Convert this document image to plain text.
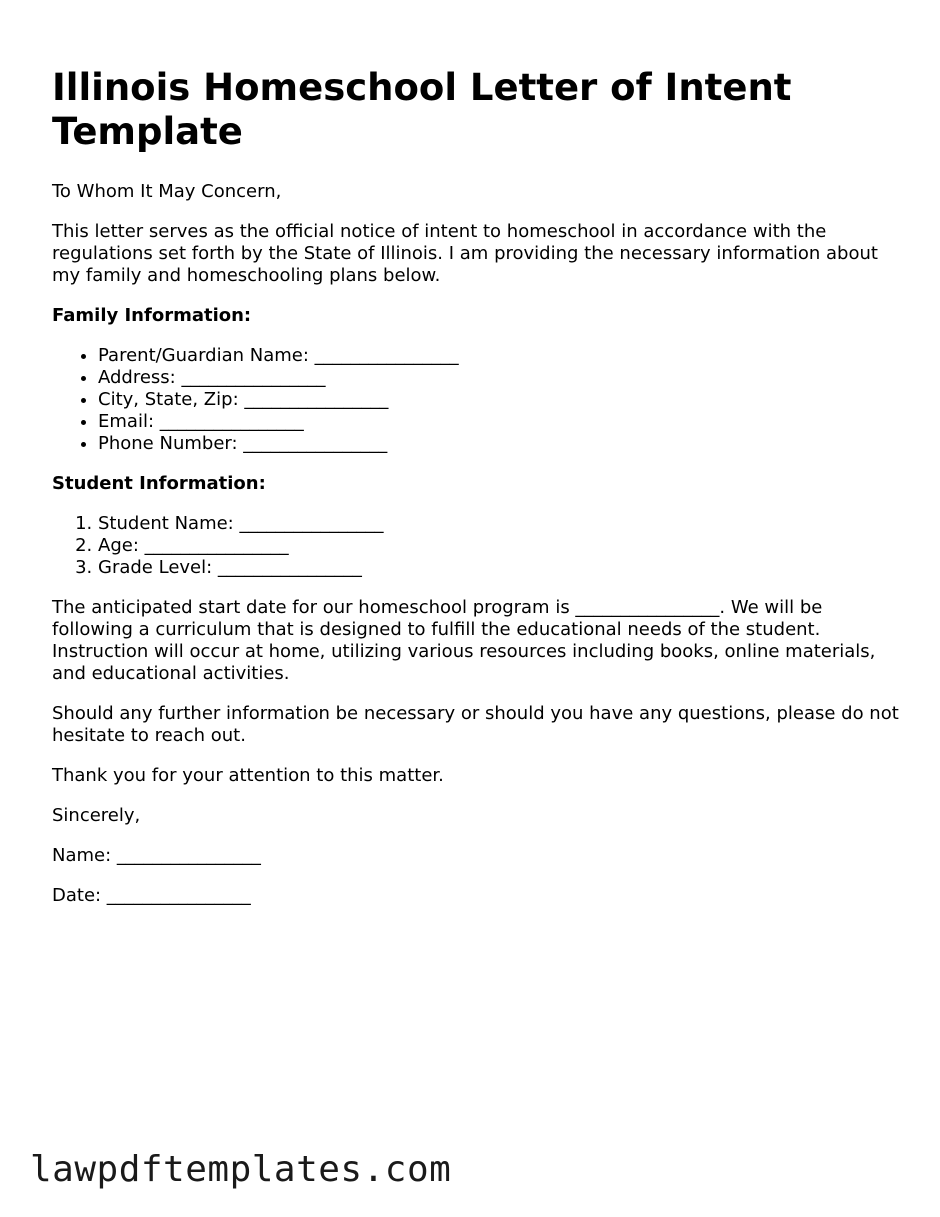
Illinois Homeschool Letter of Intent Template

To Whom It May Concern,

This letter serves as the official notice of intent to homeschool in accordance with the regulations set forth by the State of Illinois. I am providing the necessary information about my family and homeschooling plans below.

Family Information:

• Parent/Guardian Name: ________________
• Address: ________________
• City, State, Zip: ________________
• Email: ________________
• Phone Number: ________________

Student Information:

1. Student Name: ________________
2. Age: ________________
3. Grade Level: ________________

The anticipated start date for our homeschool program is ________________. We will be following a curriculum that is designed to fulfill the educational needs of the student. Instruction will occur at home, utilizing various resources including books, online materials, and educational activities.

Should any further information be necessary or should you have any questions, please do not hesitate to reach out.

Thank you for your attention to this matter.

Sincerely,

Name: ________________

Date: ________________

lawpdftemplates.com
